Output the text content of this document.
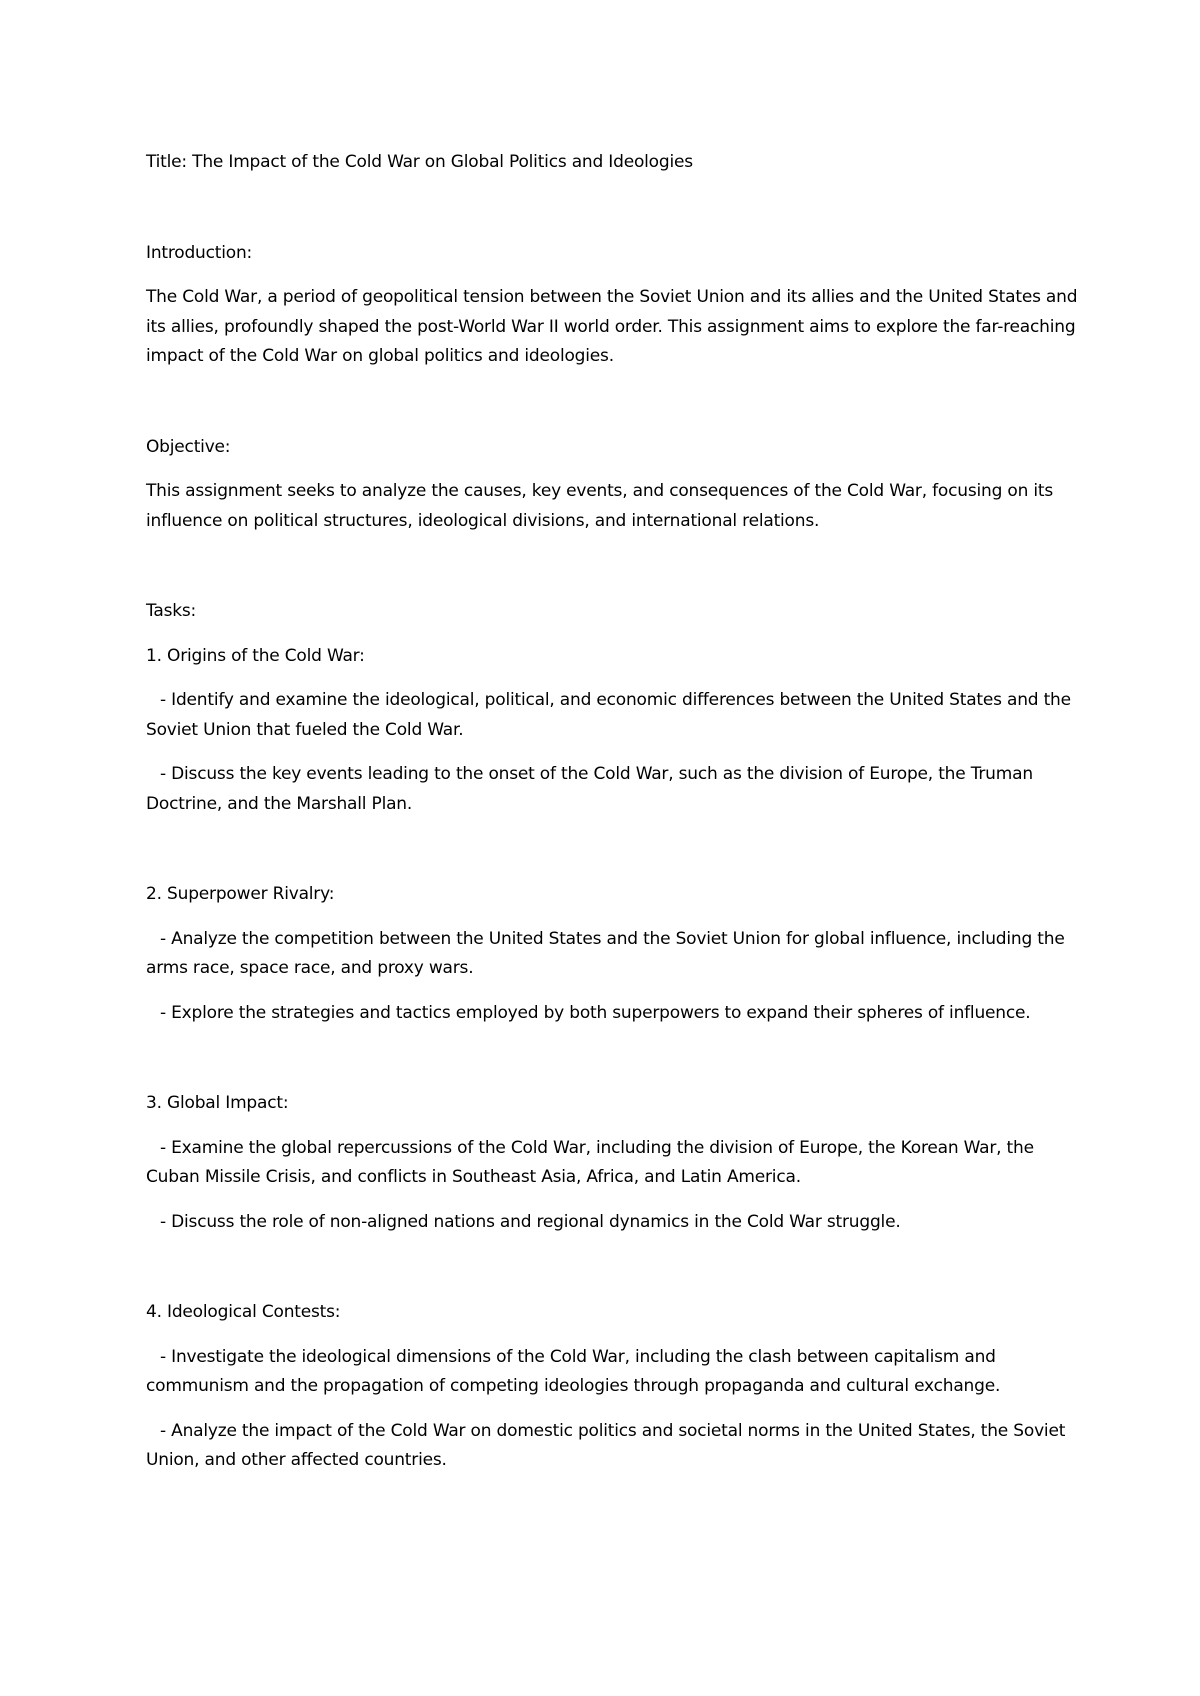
Title: The Impact of the Cold War on Global Politics and Ideologies

Introduction:

The Cold War, a period of geopolitical tension between the Soviet Union and its allies and the United States and its allies, profoundly shaped the post-World War II world order. This assignment aims to explore the far-reaching impact of the Cold War on global politics and ideologies.

Objective:

This assignment seeks to analyze the causes, key events, and consequences of the Cold War, focusing on its influence on political structures, ideological divisions, and international relations.

Tasks:

1. Origins of the Cold War:

- Identify and examine the ideological, political, and economic differences between the United States and the Soviet Union that fueled the Cold War.

- Discuss the key events leading to the onset of the Cold War, such as the division of Europe, the Truman Doctrine, and the Marshall Plan.

2. Superpower Rivalry:

- Analyze the competition between the United States and the Soviet Union for global influence, including the arms race, space race, and proxy wars.

- Explore the strategies and tactics employed by both superpowers to expand their spheres of influence.

3. Global Impact:

- Examine the global repercussions of the Cold War, including the division of Europe, the Korean War, the Cuban Missile Crisis, and conflicts in Southeast Asia, Africa, and Latin America.

- Discuss the role of non-aligned nations and regional dynamics in the Cold War struggle.

4. Ideological Contests:

- Investigate the ideological dimensions of the Cold War, including the clash between capitalism and communism and the propagation of competing ideologies through propaganda and cultural exchange.

- Analyze the impact of the Cold War on domestic politics and societal norms in the United States, the Soviet Union, and other affected countries.
